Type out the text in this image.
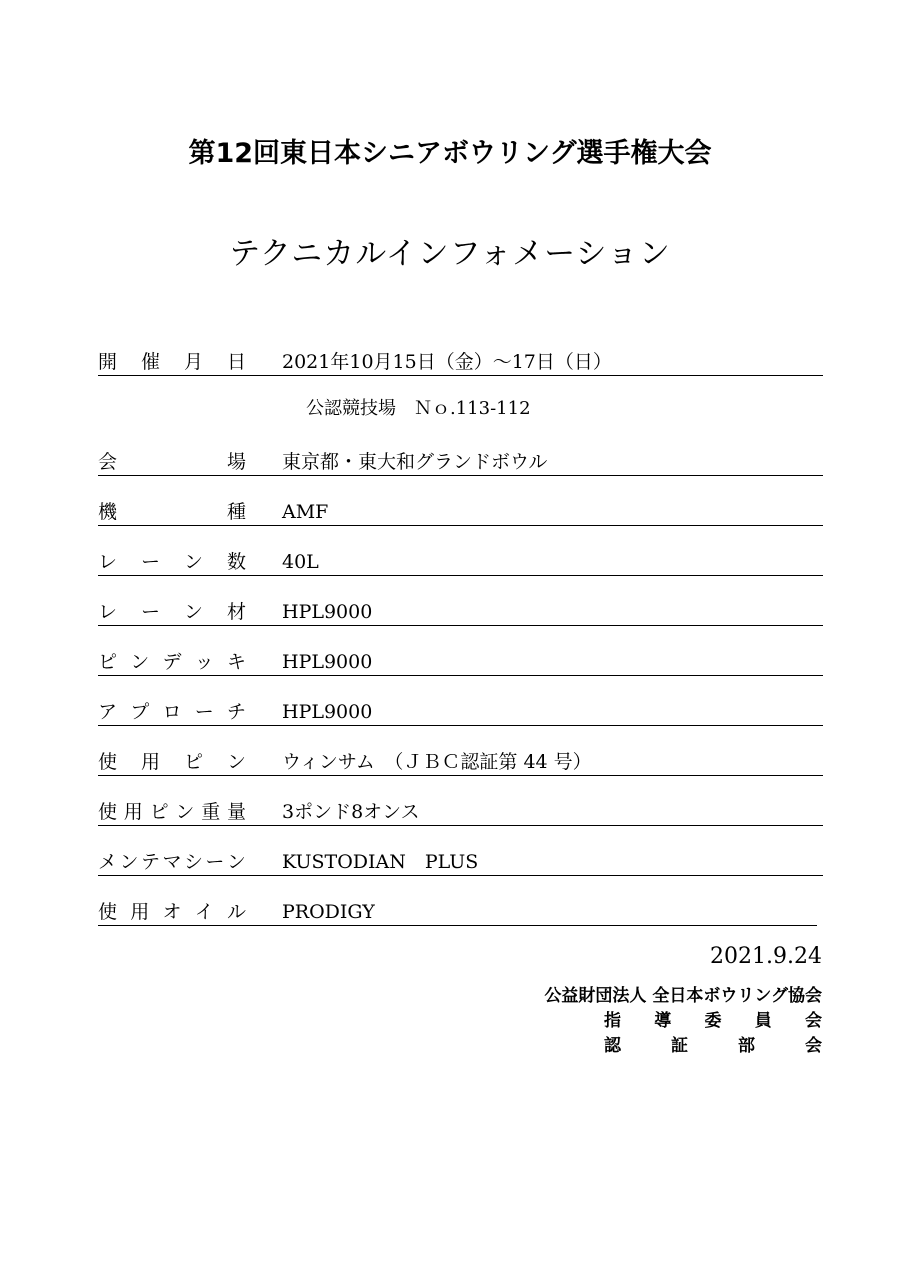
第12回東日本シニアボウリング選手権大会
テクニカルインフォメーション
開 催 月 日 2021年10月15日（金）～17日（日）
会	場 東京都・東大和グランドボウル
機	種 AMF
レ ー ン 数 40L
レ ー ン 材 HPL9000
ピ ン デ ッ キ HPL9000
ア プ ロ ー チ HPL9000
使 用 ピ ン ウィンサム　（ＪＢＣ認証第 44 号）
使 用 ピ ン 重 量 3ポンド8オンス
メ ン テ マ シ ー ン KUSTODIAN　PLUS
使 用 オ イ ル PRODIGY
公認競技場　Ｎｏ.113‐112
2021.9.24
公益財団法人 全日本ボウリング協会
指 導 委 員 会
認	証	部	会
